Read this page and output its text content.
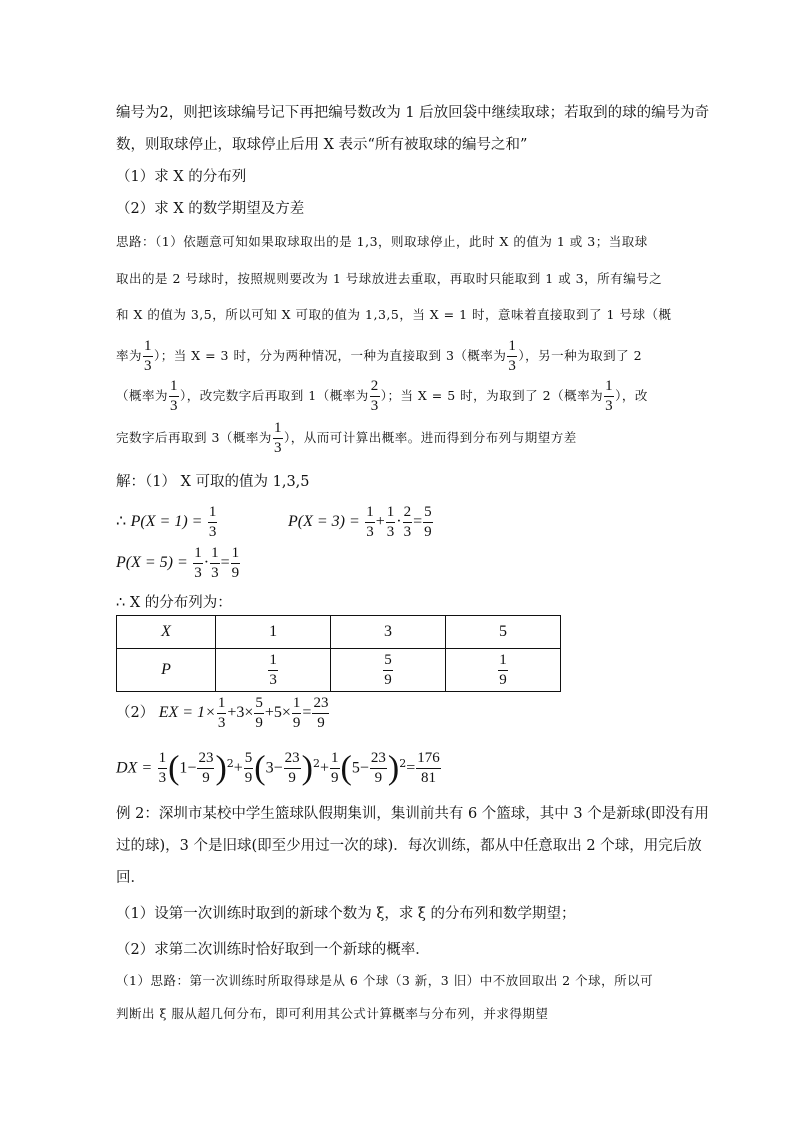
编号为2，则把该球编号记下再把编号数改为 1 后放回袋中继续取球；若取到的球的编号为奇
数，则取球停止，取球停止后用 X 表示“所有被取球的编号之和”
（1）求 X 的分布列
（2）求 X 的数学期望及方差
思路：（1）依题意可知如果取球取出的是 1,3，则取球停止，此时 X 的值为 1 或 3；当取球
取出的是 2 号球时，按照规则要改为 1 号球放进去重取，再取时只能取到 1 或 3，所有编号之
和 X 的值为 3,5，所以可知 X 可取的值为 1,3,5，当 X = 1 时，意味着直接取到了 1 号球（概
率为 $\frac{1}{3}$ ）；当 X = 3 时，分为两种情况，一种为直接取到 3（概率为 $\frac{1}{3}$ ），另一种为取到了 2
（概率为 $\frac{1}{3}$ ），改完数字后再取到 1（概率为 $\frac{2}{3}$ ）；当 X = 5 时，为取到了 2（概率为 $\frac{1}{3}$ ），改
完数字后再取到 3（概率为 $\frac{1}{3}$ ），从而可计算出概率。进而得到分布列与期望方差
解：（1） X 可取的值为 1,3,5
∴ $P(X = 1) = \frac{1}{3}$	$P(X = 3) = \frac{1}{3} + \frac{1}{3} \cdot \frac{2}{3} = \frac{5}{9}$
$P(X = 5) = \frac{1}{3} \cdot \frac{1}{3} = \frac{1}{9}$
∴ X 的分布列为：
X	1	3	5
P	$\frac{1}{3}$	$\frac{5}{9}$	$\frac{1}{9}$
（2） EX = $1\times \frac{1}{3} +3\times \frac{5}{9} +5\times \frac{1}{9} = \frac{23}{9}$
DX = $\frac{1}{3} (1- \frac{23}{9} )^2+ \frac{5}{9} (3- \frac{23}{9} )^2+ \frac{1}{9} (5- \frac{23}{9} )^2= \frac{176}{81}$
例 2：深圳市某校中学生篮球队假期集训，集训前共有 6 个篮球，其中 3 个是新球(即没有用
过的球)，3 个是旧球(即至少用过一次的球)．每次训练，都从中任意取出 2 个球，用完后放
回．
（1）设第一次训练时取到的新球个数为 ξ，求 ξ 的分布列和数学期望；
（2）求第二次训练时恰好取到一个新球的概率．
（1）思路：第一次训练时所取得球是从 6 个球（3 新，3 旧）中不放回取出 2 个球，所以可
判断出 ξ 服从超几何分布，即可利用其公式计算概率与分布列，并求得期望
